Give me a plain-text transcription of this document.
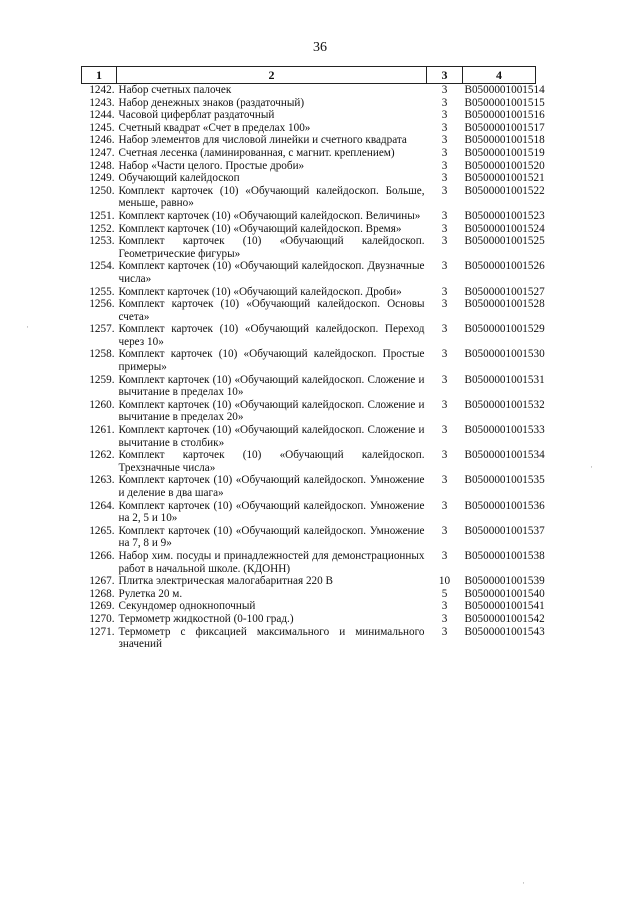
36
1	2	3	4
1242.	Набор счетных палочек	3	B0500001001514
1243.	Набор денежных знаков (раздаточный)	3	B0500001001515
1244.	Часовой циферблат раздаточный	3	B0500001001516
1245.	Счетный квадрат «Счет в пределах 100»	3	B0500001001517
1246.	Набор элементов для числовой линейки и счетного квадрата	3	B0500001001518
1247.	Счетная лесенка (ламинированная, с магнит. креплением)	3	B0500001001519
1248.	Набор «Части целого. Простые дроби»	3	B0500001001520
1249.	Обучающий калейдоскоп	3	B0500001001521
1250.	Комплект карточек (10) «Обучающий калейдоскоп. Больше, меньше, равно»	3	B0500001001522
1251.	Комплект карточек (10) «Обучающий калейдоскоп. Величины»	3	B0500001001523
1252.	Комплект карточек (10) «Обучающий калейдоскоп. Время»	3	B0500001001524
1253.	Комплект карточек (10) «Обучающий калейдоскоп. Геометрические фигуры»	3	B0500001001525
1254.	Комплект карточек (10) «Обучающий калейдоскоп. Двузначные числа»	3	B0500001001526
1255.	Комплект карточек (10) «Обучающий калейдоскоп. Дроби»	3	B0500001001527
1256.	Комплект карточек (10) «Обучающий калейдоскоп. Основы счета»	3	B0500001001528
1257.	Комплект карточек (10) «Обучающий калейдоскоп. Переход через 10»	3	B0500001001529
1258.	Комплект карточек (10) «Обучающий калейдоскоп. Простые примеры»	3	B0500001001530
1259.	Комплект карточек (10) «Обучающий калейдоскоп. Сложение и вычитание в пределах 10»	3	B0500001001531
1260.	Комплект карточек (10) «Обучающий калейдоскоп. Сложение и вычитание в пределах 20»	3	B0500001001532
1261.	Комплект карточек (10) «Обучающий калейдоскоп. Сложение и вычитание в столбик»	3	B0500001001533
1262.	Комплект карточек (10) «Обучающий калейдоскоп. Трехзначные числа»	3	B0500001001534
1263.	Комплект карточек (10) «Обучающий калейдоскоп. Умножение и деление в два шага»	3	B0500001001535
1264.	Комплект карточек (10) «Обучающий калейдоскоп. Умножение на 2, 5 и 10»	3	B0500001001536
1265.	Комплект карточек (10) «Обучающий калейдоскоп. Умножение на 7, 8 и 9»	3	B0500001001537
1266.	Набор хим. посуды и принадлежностей для демонстрационных работ в начальной школе. (КДОНН)	3	B0500001001538
1267.	Плитка электрическая малогабаритная 220 В	10	B0500001001539
1268.	Рулетка 20 м.	5	B0500001001540
1269.	Секундомер однокнопочный	3	B0500001001541
1270.	Термометр жидкостной (0-100 град.)	3	B0500001001542
1271.	Термометр с фиксацией максимального и минимального значений	3	B0500001001543
·
·
·
